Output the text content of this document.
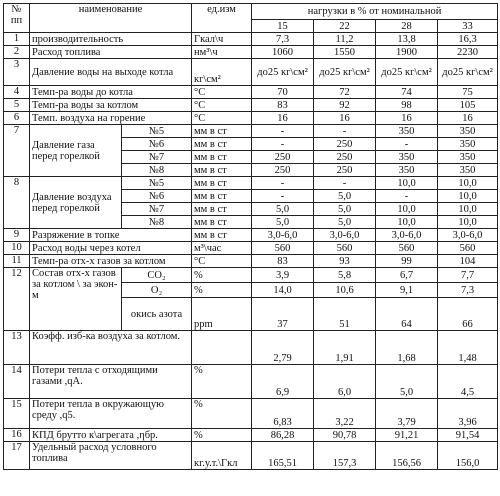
№
пп	наименование		ед.изм	нагрузки в % от номинальной			
				15	22	28	33
1	производительность		Гкал\ч	7,3	11,2	13,8	16,3
2	Расход топлива		нм³\ч	1060	1550	1900	2230
3	Давление воды на выходе котла		кг\см²	до25 кг\см²	до25 кг\см²	до25 кг\см²	до25 кг\см²
4	Темп-ра воды до котла		°С	70	72	74	75
5	Темп-ра воды за котлом		°С	83	92	98	105
6	Темп. воздуха на горение		°С	16	16	16	16
7	Давление газа перед горелкой	№5	мм в ст	-	-	350	350
		№6	мм в ст	-	250	-	350
		№7	мм в ст	250	250	350	350
		№8	мм в ст	250	250	350	350
8	Давление воздуха перед горелкой	№5	мм в ст	-	-	10,0	10,0
		№6	мм в ст	-	5,0	-	10,0
		№7	мм в ст	5,0	5,0	10,0	10,0
		№8	мм в ст	5,0	5,0	10,0	10,0
9	Разряжение в топке		мм в ст	3,0-6,0	3,0-6,0	3,0-6,0	3,0-6,0
10	Расход воды через котел		м³\час	560	560	560	560
11	Темп-ра отх-х газов за котлом		°С	83	93	99	104
12	Состав отх-х газов за котлом \ за экон-м	CO₂	%	3,9	5,8	6,7	7,7
		O₂	%	14,0	10,6	9,1	7,3
		окись азота	ppm	37	51	64	66
13	Коэфф. изб-ка воздуха за котлом.			2,79	1,91	1,68	1,48
14	Потери тепла с отходящими газами ,qA.		%	6,9	6,0	5,0	4,5
15	Потери тепла в окружающую среду ,q5.		%	6,83	3,22	3,79	3,96
16	КПД брутто к\агрегата ,ηбр.		%	86,28	90,78	91,21	91,54
17	Удельный расход условного топлива		кг.у.т.\Гкл	165,51	157,3	156,56	156,0
